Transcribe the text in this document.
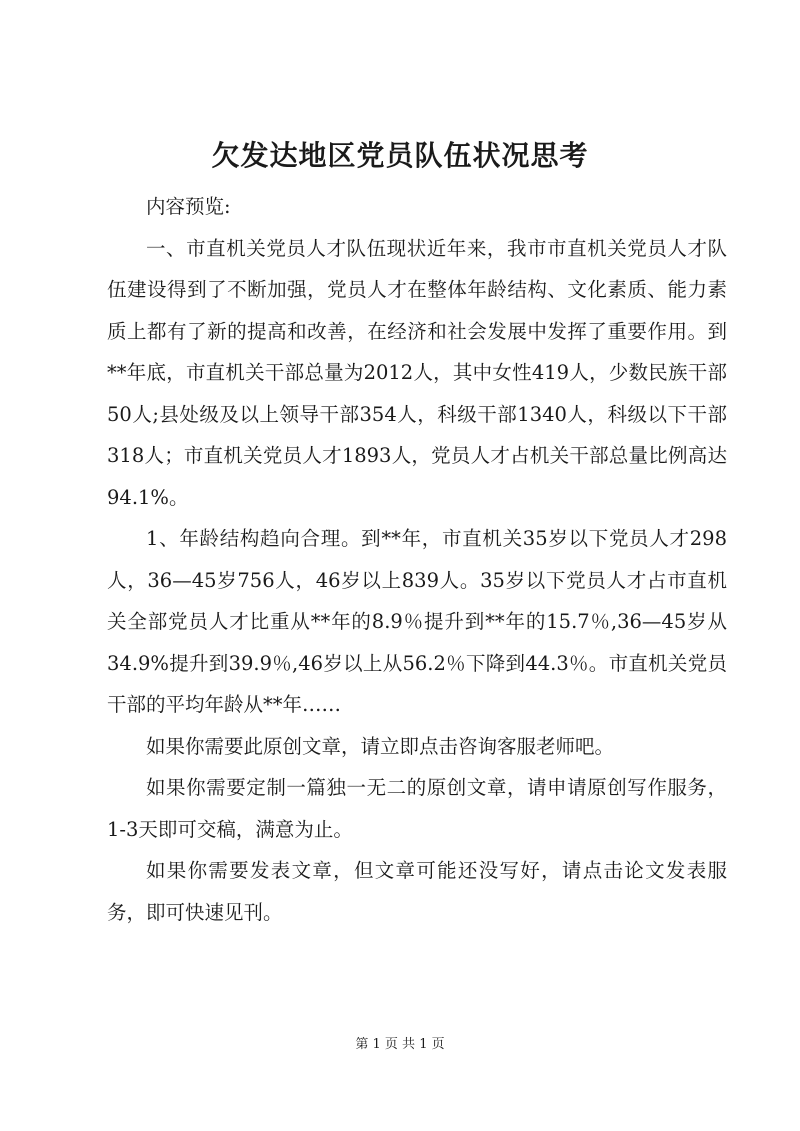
欠发达地区党员队伍状况思考

内容预览:

一、市直机关党员人才队伍现状近年来，我市市直机关党员人才队伍建设得到了不断加强，党员人才在整体年龄结构、文化素质、能力素质上都有了新的提高和改善，在经济和社会发展中发挥了重要作用。到**年底，市直机关干部总量为2012人，其中女性419人，少数民族干部50人;县处级及以上领导干部354人，科级干部1340人，科级以下干部318人；市直机关党员人才1893人，党员人才占机关干部总量比例高达94.1%。

1、年龄结构趋向合理。到**年，市直机关35岁以下党员人才298人，36—45岁756人，46岁以上839人。35岁以下党员人才占市直机关全部党员人才比重从**年的8.9％提升到**年的15.7％,36—45岁从34.9%提升到39.9％,46岁以上从56.2％下降到44.3％。市直机关党员干部的平均年龄从**年……

如果你需要此原创文章，请立即点击咨询客服老师吧。

如果你需要定制一篇独一无二的原创文章，请申请原创写作服务，1-3天即可交稿，满意为止。

如果你需要发表文章，但文章可能还没写好，请点击论文发表服务，即可快速见刊。

第 1 页 共 1 页
